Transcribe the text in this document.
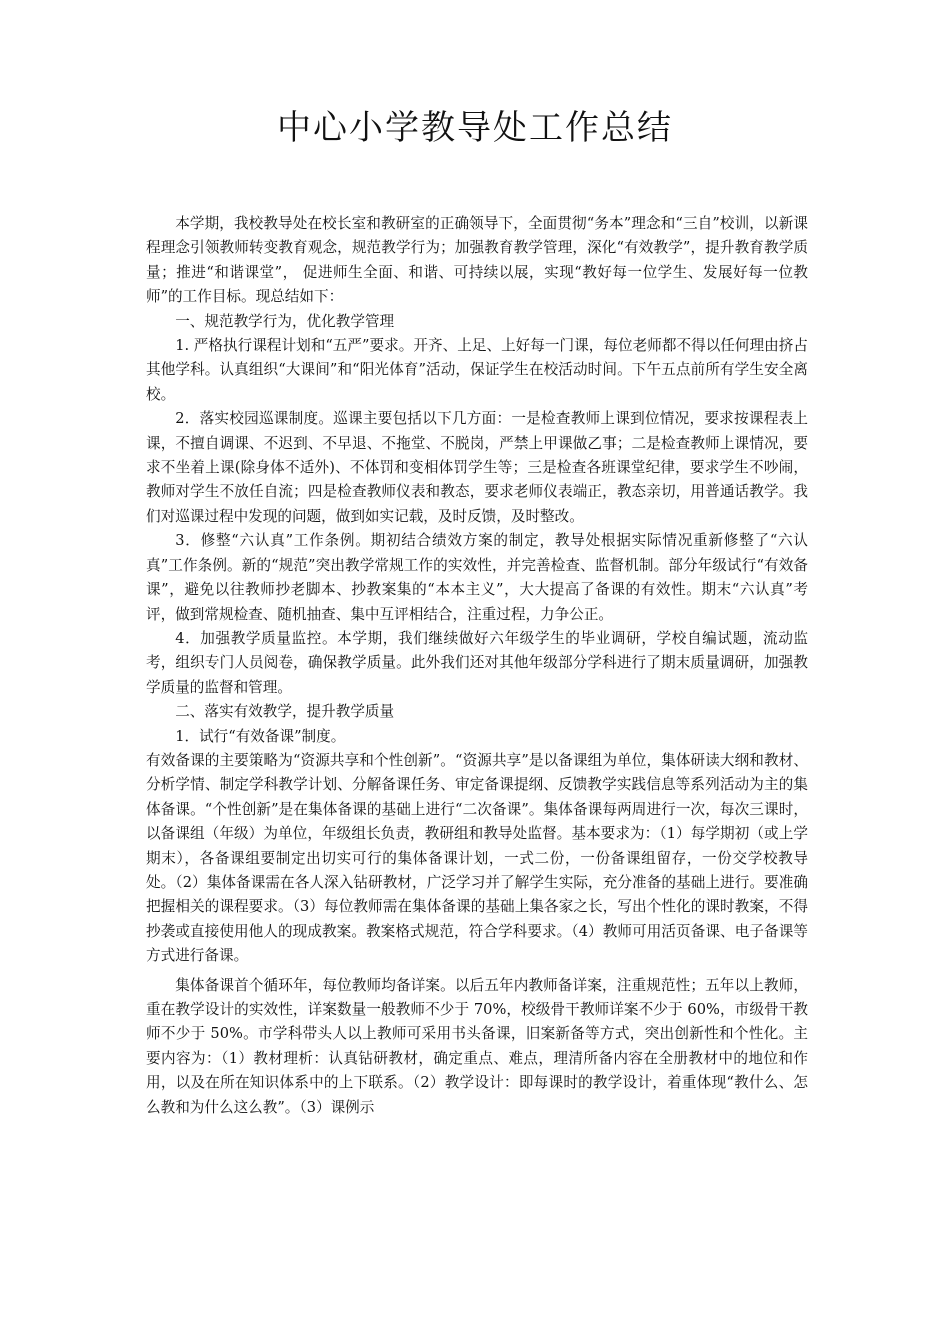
中心小学教导处工作总结

本学期，我校教导处在校长室和教研室的正确领导下，全面贯彻“务本”理念和“三自”校训，以新课程理念引领教师转变教育观念，规范教学行为；加强教育教学管理，深化“有效教学”，提升教育教学质量；推进“和谐课堂”， 促进师生全面、和谐、可持续以展，实现“教好每一位学生、发展好每一位教师”的工作目标。现总结如下：

一、规范教学行为，优化教学管理

1. 严格执行课程计划和“五严”要求。开齐、上足、上好每一门课，每位老师都不得以任何理由挤占其他学科。认真组织“大课间”和“阳光体育”活动，保证学生在校活动时间。下午五点前所有学生安全离校。

2．落实校园巡课制度。巡课主要包括以下几方面：一是检查教师上课到位情况，要求按课程表上课，不擅自调课、不迟到、不早退、不拖堂、不脱岗，严禁上甲课做乙事；二是检查教师上课情况，要求不坐着上课(除身体不适外)、不体罚和变相体罚学生等；三是检查各班课堂纪律，要求学生不吵闹，教师对学生不放任自流；四是检查教师仪表和教态，要求老师仪表端正，教态亲切，用普通话教学。我们对巡课过程中发现的问题，做到如实记载，及时反馈，及时整改。

3．修整“六认真”工作条例。期初结合绩效方案的制定，教导处根据实际情况重新修整了“六认真”工作条例。新的“规范”突出教学常规工作的实效性，并完善检查、监督机制。部分年级试行“有效备课”，避免以往教师抄老脚本、抄教案集的“本本主义”，大大提高了备课的有效性。期末“六认真”考评，做到常规检查、随机抽查、集中互评相结合，注重过程，力争公正。

4．加强教学质量监控。本学期，我们继续做好六年级学生的毕业调研，学校自编试题，流动监考，组织专门人员阅卷，确保教学质量。此外我们还对其他年级部分学科进行了期末质量调研，加强教学质量的监督和管理。

二、落实有效教学，提升教学质量

1．试行“有效备课”制度。

有效备课的主要策略为“资源共享和个性创新”。“资源共享”是以备课组为单位，集体研读大纲和教材、分析学情、制定学科教学计划、分解备课任务、审定备课提纲、反馈教学实践信息等系列活动为主的集体备课。“个性创新”是在集体备课的基础上进行“二次备课”。集体备课每两周进行一次，每次三课时，以备课组（年级）为单位，年级组长负责，教研组和教导处监督。基本要求为：（1）每学期初（或上学期末），各备课组要制定出切实可行的集体备课计划，一式二份，一份备课组留存，一份交学校教导处。（2）集体备课需在各人深入钻研教材，广泛学习并了解学生实际，充分准备的基础上进行。要准确把握相关的课程要求。（3）每位教师需在集体备课的基础上集各家之长，写出个性化的课时教案，不得抄袭或直接使用他人的现成教案。教案格式规范，符合学科要求。（4）教师可用活页备课、电子备课等方式进行备课。

集体备课首个循环年，每位教师均备详案。以后五年内教师备详案，注重规范性；五年以上教师，重在教学设计的实效性，详案数量一般教师不少于 70%，校级骨干教师详案不少于 60%，市级骨干教师不少于 50%。市学科带头人以上教师可采用书头备课，旧案新备等方式，突出创新性和个性化。主要内容为：（1）教材理析：认真钻研教材，确定重点、难点，理清所备内容在全册教材中的地位和作用，以及在所在知识体系中的上下联系。（2）教学设计：即每课时的教学设计，着重体现“教什么、怎么教和为什么这么教”。（3）课例示
